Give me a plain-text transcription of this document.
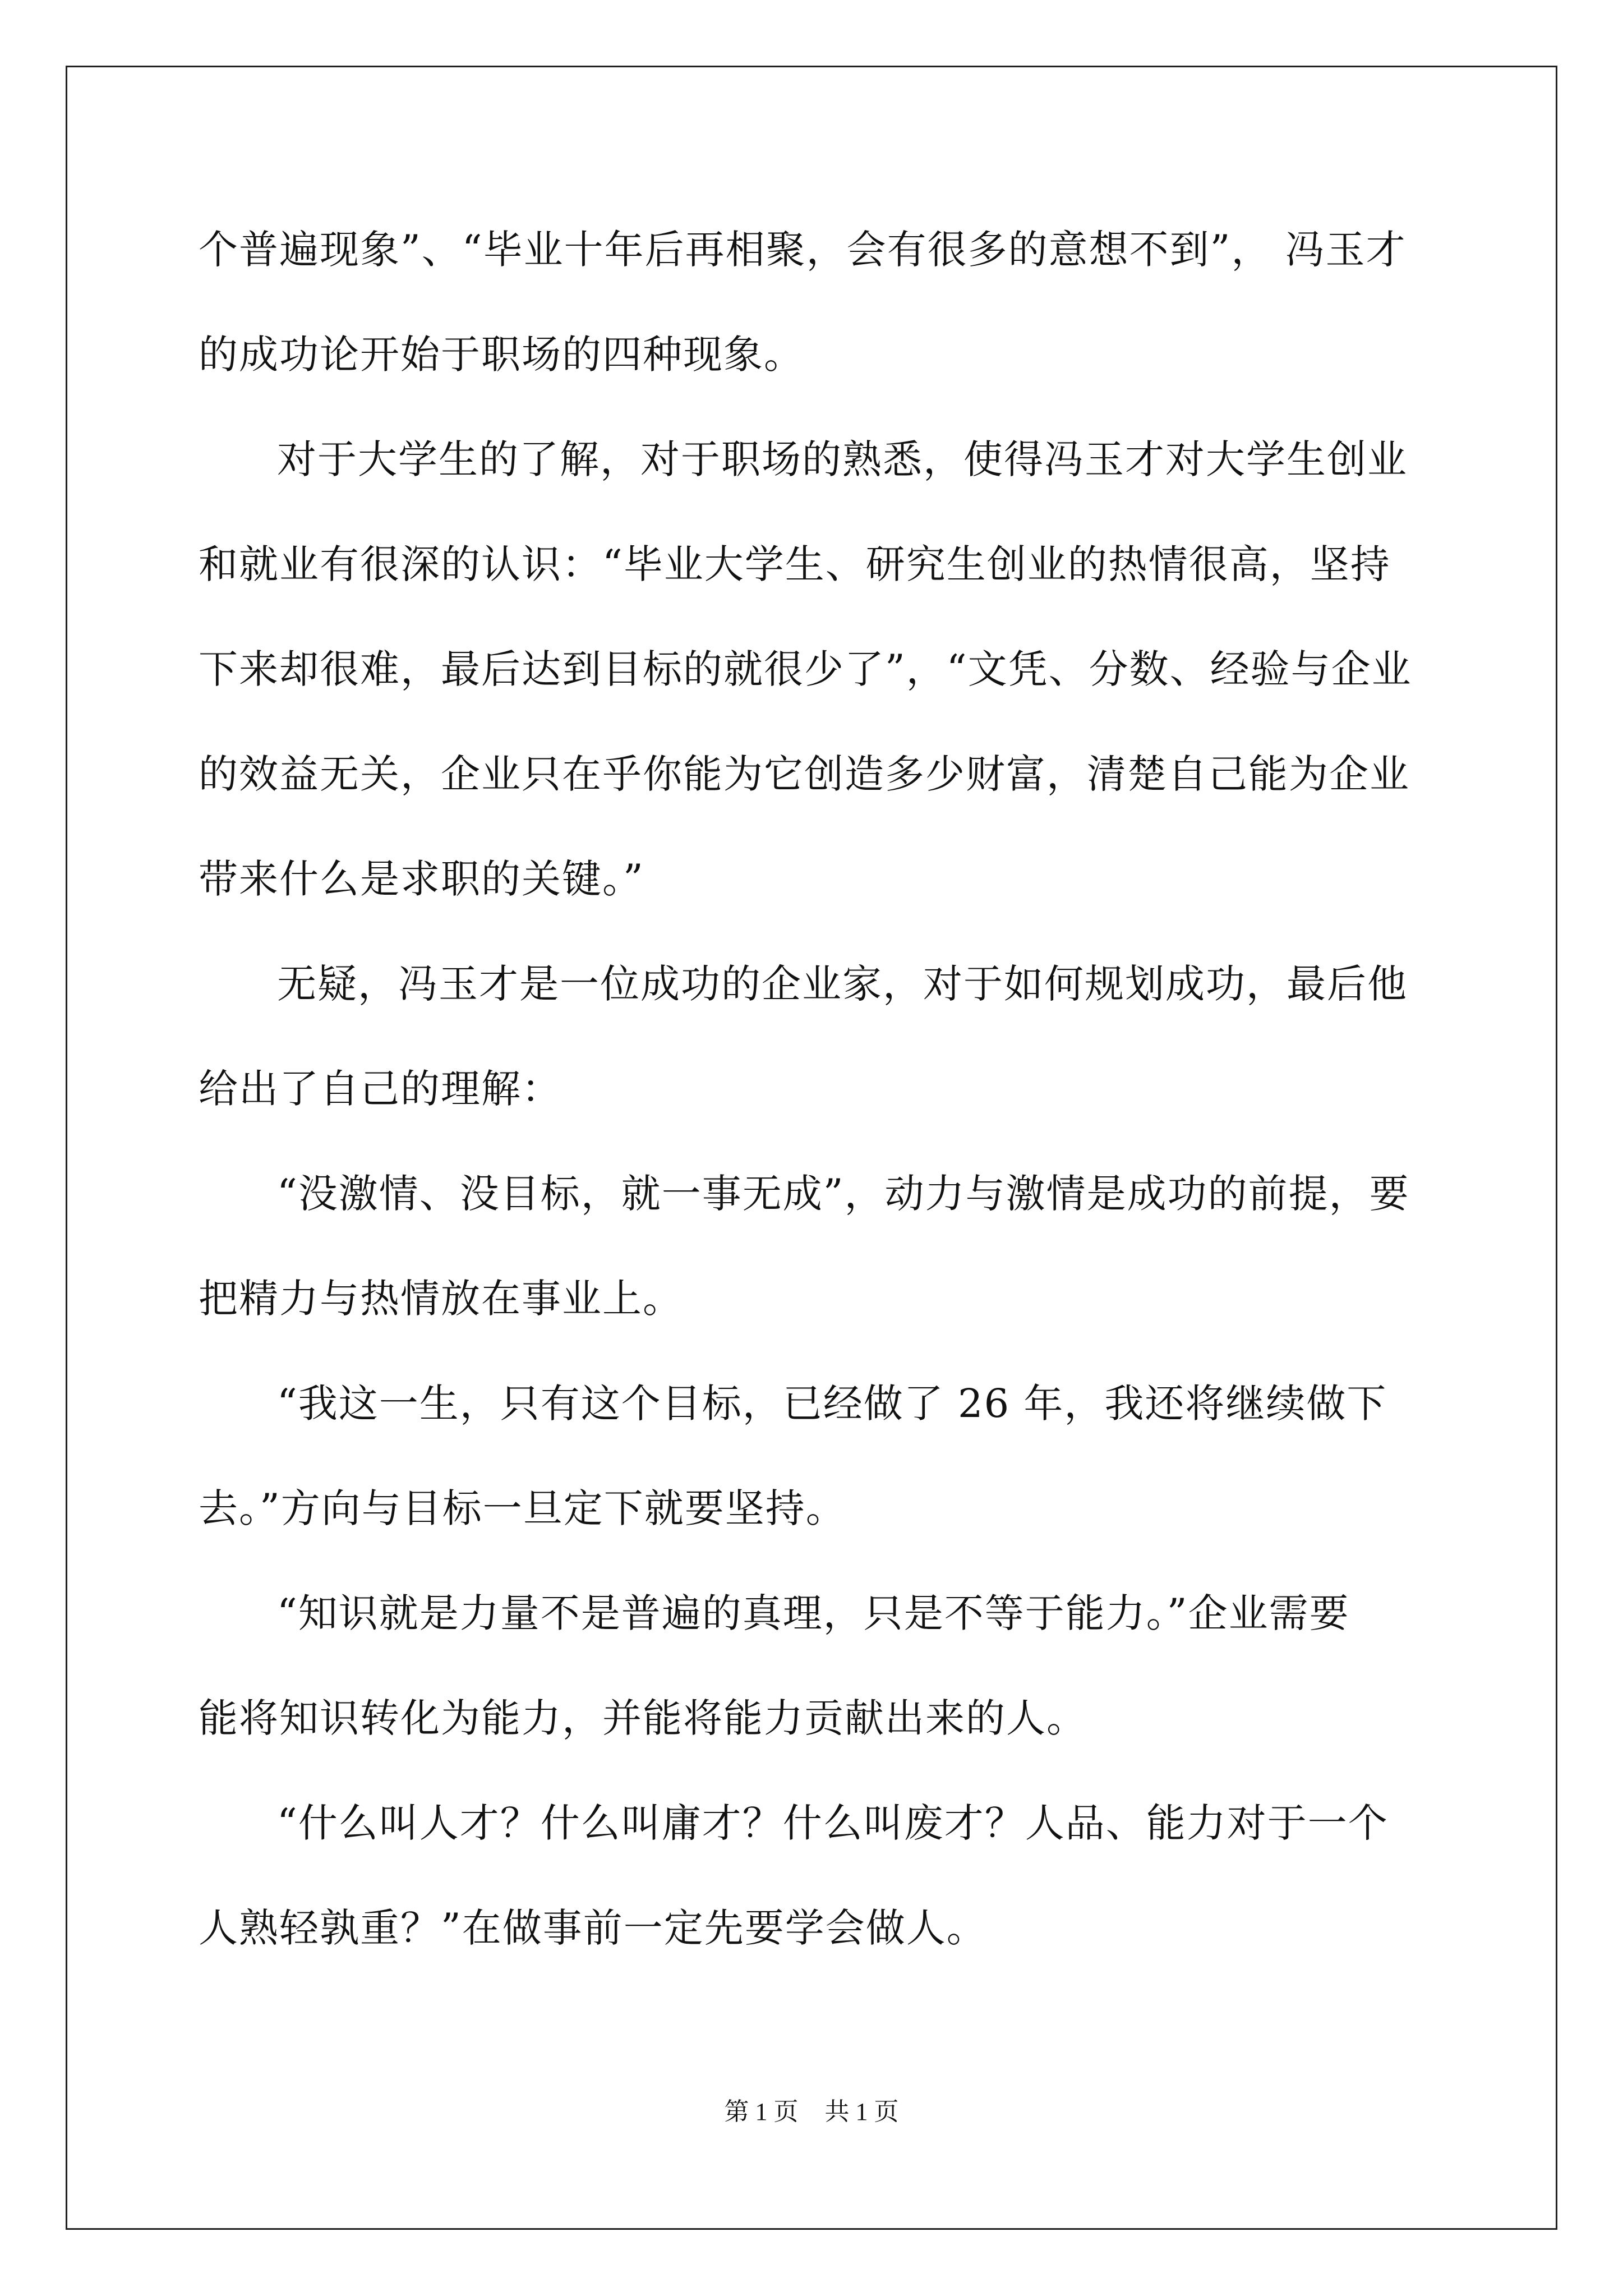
个普遍现象”、“毕业十年后再相聚，会有很多的意想不到”， 冯玉才
的成功论开始于职场的四种现象。
对于大学生的了解，对于职场的熟悉，使得冯玉才对大学生创业
和就业有很深的认识：“毕业大学生、研究生创业的热情很高，坚持
下来却很难，最后达到目标的就很少了”，“文凭、分数、经验与企业
的效益无关，企业只在乎你能为它创造多少财富，清楚自己能为企业
带来什么是求职的关键。”
无疑，冯玉才是一位成功的企业家，对于如何规划成功，最后他
给出了自己的理解：
“没激情、没目标，就一事无成”，动力与激情是成功的前提，要
把精力与热情放在事业上。
“我这一生，只有这个目标，已经做了 26 年，我还将继续做下
去。”方向与目标一旦定下就要坚持。
“知识就是力量不是普遍的真理，只是不等于能力。”企业需要
能将知识转化为能力，并能将能力贡献出来的人。
“什么叫人才？什么叫庸才？什么叫废才？人品、能力对于一个
人熟轻孰重？”在做事前一定先要学会做人。
第 1 页 共 1 页
